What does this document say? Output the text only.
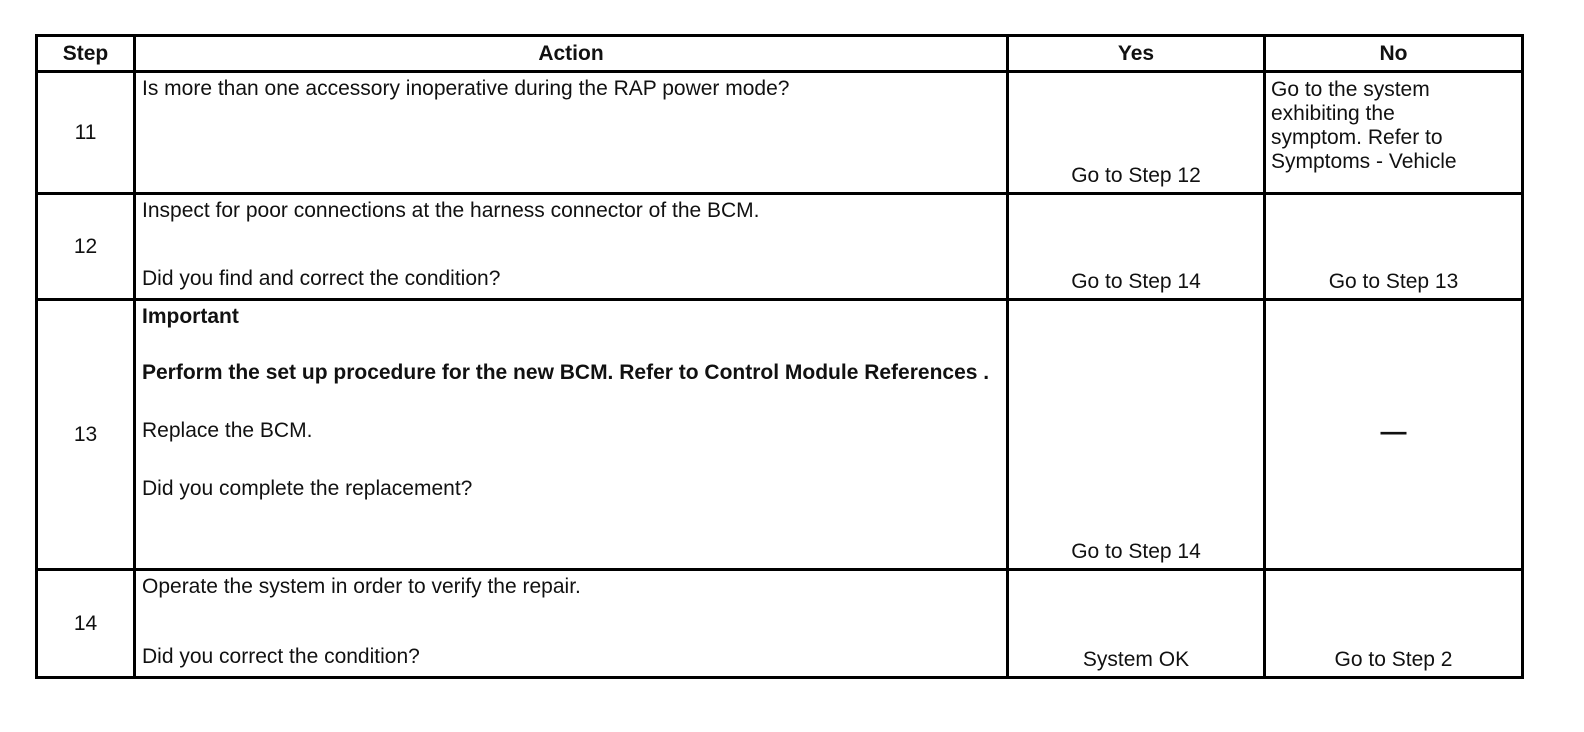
Step	Action	Yes	No
11	Is more than one accessory inoperative during the RAP power mode?	Go to Step 12	Go to the system
exhibiting the
symptom. Refer to
Symptoms - Vehicle

12	Inspect for poor connections at the harness connector of the BCM.

Did you find and correct the condition?	Go to Step 14	Go to Step 13
13	Important

Perform the set up procedure for the new BCM. Refer to Control Module References .

Replace the BCM.

Did you complete the replacement?	Go to Step 14	—
14	Operate the system in order to verify the repair.

Did you correct the condition?	System OK	Go to Step 2
